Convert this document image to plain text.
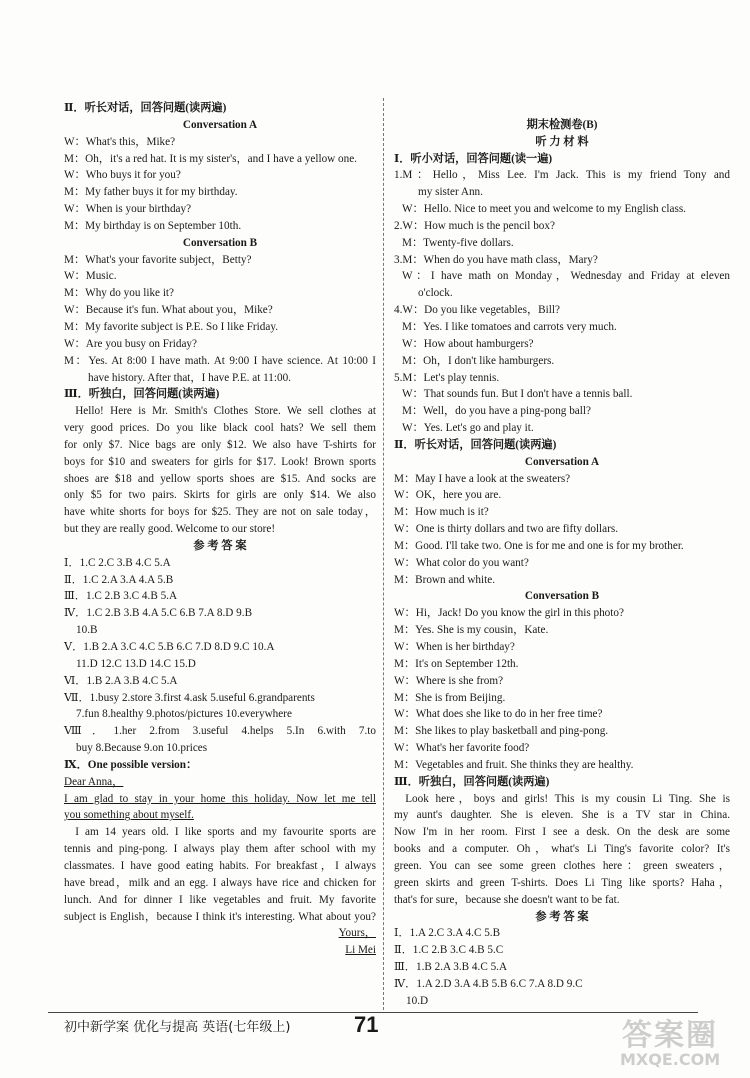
Ⅱ．听长对话，回答问题(读两遍)
Conversation A
W：What's this，Mike?
M：Oh，it's a red hat. It is my sister's，and I have a yellow one.
W：Who buys it for you?
M：My father buys it for my birthday.
W：When is your birthday?
M：My birthday is on September 10th.
Conversation B
M：What's your favorite subject，Betty?
W：Music.
M：Why do you like it?
W：Because it's fun. What about you，Mike?
M：My favorite subject is P.E. So I like Friday.
W：Are you busy on Friday?
M：Yes. At 8:00 I have math. At 9:00 I have science. At 10:00 I
have history. After that，I have P.E. at 11:00.
Ⅲ．听独白，回答问题(读两遍)
Hello! Here is Mr. Smith's Clothes Store. We sell clothes at
very good prices. Do you like black cool hats? We sell them
for only $7. Nice bags are only $12. We also have T-shirts for
boys for $10 and sweaters for girls for $17. Look! Brown sports
shoes are $18 and yellow sports shoes are $15. And socks are
only $5 for two pairs. Skirts for girls are only $14. We also
have white shorts for boys for $25. They are not on sale today，
but they are really good. Welcome to our store!
参 考 答 案
Ⅰ．1.C 2.C 3.B 4.C 5.A
Ⅱ．1.C 2.A 3.A 4.A 5.B
Ⅲ．1.C 2.B 3.C 4.B 5.A
Ⅳ．1.C 2.B 3.B 4.A 5.C 6.B 7.A 8.D 9.B
10.B
Ⅴ．1.B 2.A 3.C 4.C 5.B 6.C 7.D 8.D 9.C 10.A
11.D 12.C 13.D 14.C 15.D
Ⅵ．1.B 2.A 3.B 4.C 5.A
Ⅶ．1.busy 2.store 3.first 4.ask 5.useful 6.grandparents
7.fun 8.healthy 9.photos/pictures 10.everywhere
Ⅷ．1.her 2.from 3.useful 4.helps 5.In 6.with 7.to
buy 8.Because 9.on 10.prices
Ⅸ．One possible version：
Dear Anna，
I am glad to stay in your home this holiday. Now let me tell
you something about myself.
I am 14 years old. I like sports and my favourite sports are
tennis and ping-pong. I always play them after school with my
classmates. I have good eating habits. For breakfast，I always
have bread，milk and an egg. I always have rice and chicken for
lunch. And for dinner I like vegetables and fruit. My favorite
subject is English，because I think it's interesting. What about you?
Yours，
Li Mei

期末检测卷(B)
听 力 材 料
Ⅰ．听小对话，回答问题(读一遍)
1.M：Hello，Miss Lee. I'm Jack. This is my friend Tony and
my sister Ann.
W：Hello. Nice to meet you and welcome to my English class.
2.W：How much is the pencil box?
M：Twenty-five dollars.
3.M：When do you have math class，Mary?
W：I have math on Monday，Wednesday and Friday at eleven
o'clock.
4.W：Do you like vegetables，Bill?
M：Yes. I like tomatoes and carrots very much.
W：How about hamburgers?
M：Oh，I don't like hamburgers.
5.M：Let's play tennis.
W：That sounds fun. But I don't have a tennis ball.
M：Well，do you have a ping-pong ball?
W：Yes. Let's go and play it.
Ⅱ．听长对话，回答问题(读两遍)
Conversation A
M：May I have a look at the sweaters?
W：OK，here you are.
M：How much is it?
W：One is thirty dollars and two are fifty dollars.
M：Good. I'll take two. One is for me and one is for my brother.
W：What color do you want?
M：Brown and white.
Conversation B
W：Hi，Jack! Do you know the girl in this photo?
M：Yes. She is my cousin，Kate.
W：When is her birthday?
M：It's on September 12th.
W：Where is she from?
M：She is from Beijing.
W：What does she like to do in her free time?
M：She likes to play basketball and ping-pong.
W：What's her favorite food?
M：Vegetables and fruit. She thinks they are healthy.
Ⅲ．听独白，回答问题(读两遍)
Look here，boys and girls! This is my cousin Li Ting. She is
my aunt's daughter. She is eleven. She is a TV star in China.
Now I'm in her room. First I see a desk. On the desk are some
books and a computer. Oh，what's Li Ting's favorite color? It's
green. You can see some green clothes here：green sweaters，
green skirts and green T-shirts. Does Li Ting like sports? Haha，
that's for sure，because she doesn't want to be fat.
参 考 答 案
Ⅰ．1.A 2.C 3.A 4.C 5.B
Ⅱ．1.C 2.B 3.C 4.B 5.C
Ⅲ．1.B 2.A 3.B 4.C 5.A
Ⅳ．1.A 2.D 3.A 4.B 5.B 6.C 7.A 8.D 9.C
10.D
初中新学案 优化与提高 英语(七年级上)	71	答案圈
MXQE.COM
